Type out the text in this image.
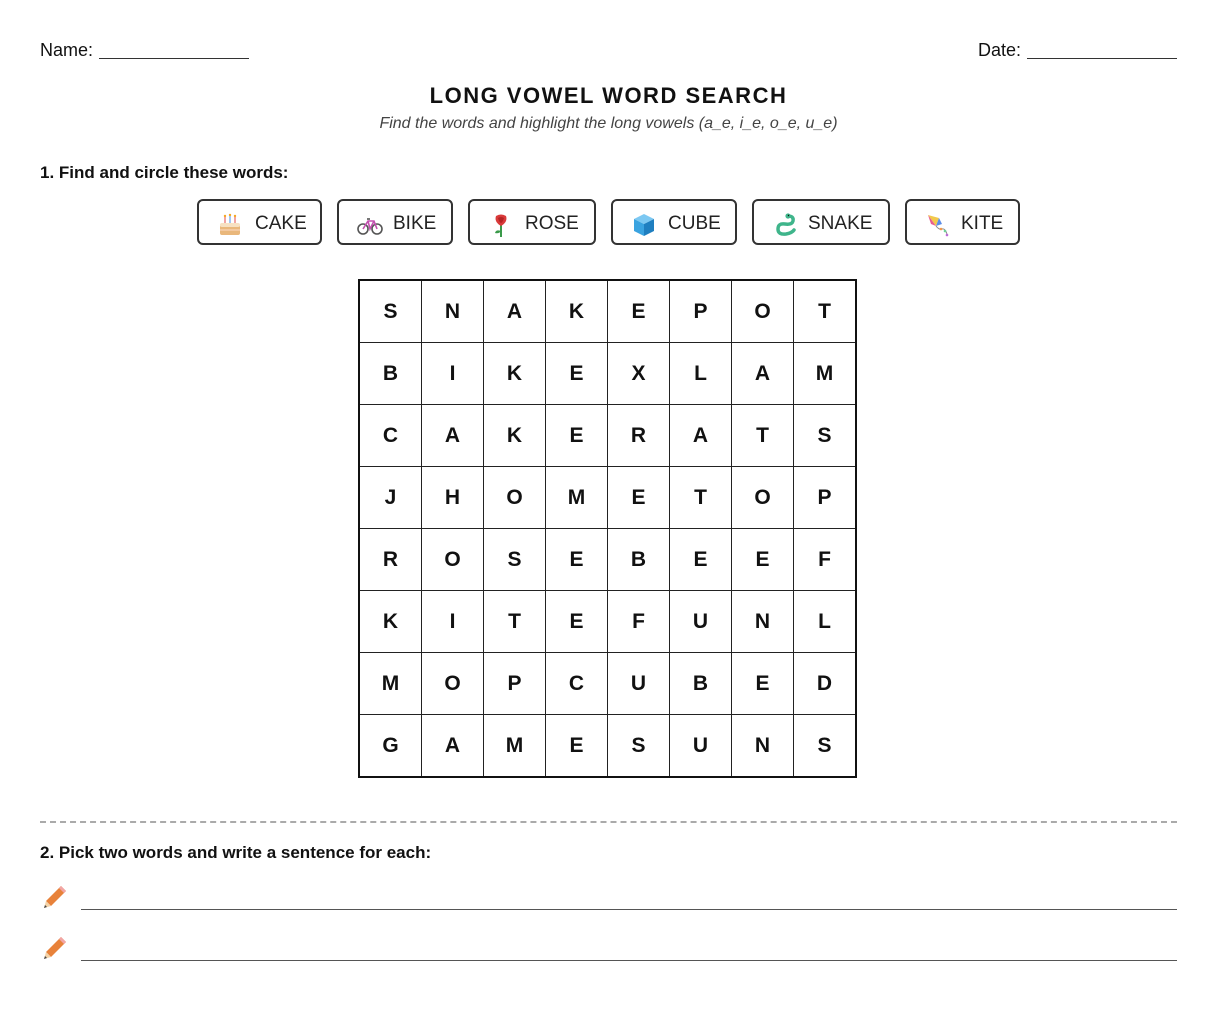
Name:	Date:
LONG VOWEL WORD SEARCH
Find the words and highlight the long vowels (a_e, i_e, o_e, u_e)
1. Find and circle these words:
CAKE	BIKE	ROSE	CUBE	SNAKE	KITE
S	N	A	K	E	P	O	T
B	I	K	E	X	L	A	M
C	A	K	E	R	A	T	S
J	H	O	M	E	T	O	P
R	O	S	E	B	E	E	F
K	I	T	E	F	U	N	L
M	O	P	C	U	B	E	D
G	A	M	E	S	U	N	S
2. Pick two words and write a sentence for each:
